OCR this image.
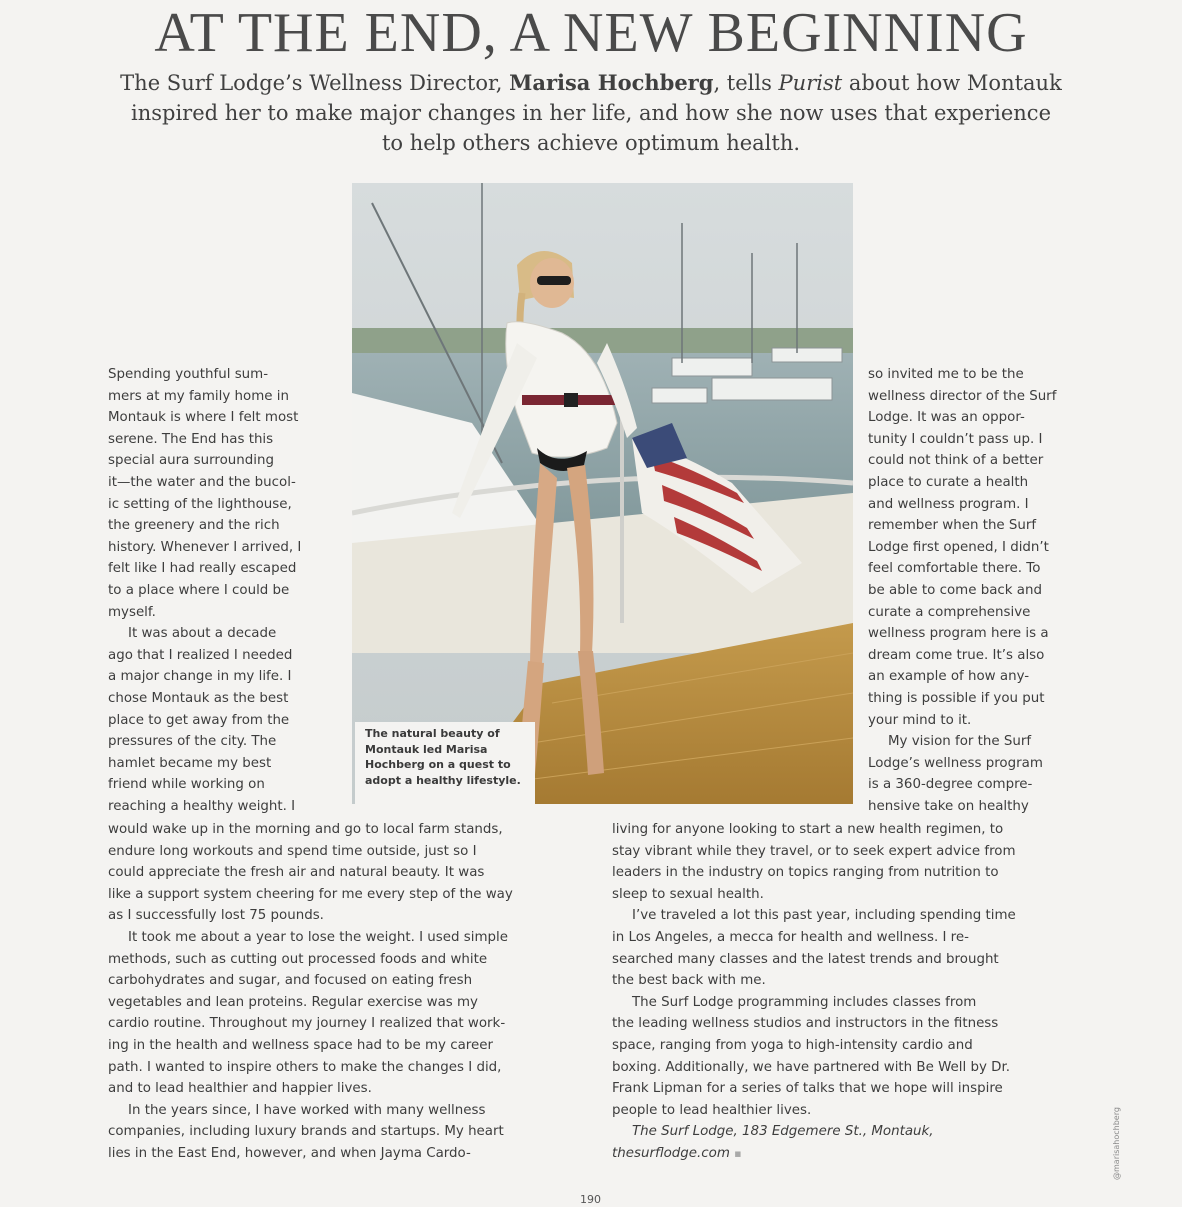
AT THE END, A NEW BEGINNING
The Surf Lodge’s Wellness Director, Marisa Hochberg, tells Purist about how Montauk inspired her to make major changes in her life, and how she now uses that experience to help others achieve optimum health.
The natural beauty of Montauk led Marisa Hochberg on a quest to adopt a healthy lifestyle.
Spending youthful sum-
mers at my family home in
Montauk is where I felt most
serene. The End has this
special aura surrounding
it—the water and the bucol-
ic setting of the lighthouse,
the greenery and the rich
history. Whenever I arrived, I
felt like I had really escaped
to a place where I could be
myself.
It was about a decade
ago that I realized I needed
a major change in my life. I
chose Montauk as the best
place to get away from the
pressures of the city. The
hamlet became my best
friend while working on
reaching a healthy weight. I
would wake up in the morning and go to local farm stands,
endure long workouts and spend time outside, just so I
could appreciate the fresh air and natural beauty. It was
like a support system cheering for me every step of the way
as I successfully lost 75 pounds.
It took me about a year to lose the weight. I used simple
methods, such as cutting out processed foods and white
carbohydrates and sugar, and focused on eating fresh
vegetables and lean proteins. Regular exercise was my
cardio routine. Throughout my journey I realized that work-
ing in the health and wellness space had to be my career
path. I wanted to inspire others to make the changes I did,
and to lead healthier and happier lives.
In the years since, I have worked with many wellness
companies, including luxury brands and startups. My heart
lies in the East End, however, and when Jayma Cardo-
so invited me to be the
wellness director of the Surf
Lodge. It was an oppor-
tunity I couldn’t pass up. I
could not think of a better
place to curate a health
and wellness program. I
remember when the Surf
Lodge first opened, I didn’t
feel comfortable there. To
be able to come back and
curate a comprehensive
wellness program here is a
dream come true. It’s also
an example of how any-
thing is possible if you put
your mind to it.
My vision for the Surf
Lodge’s wellness program
is a 360-degree compre-
hensive take on healthy
living for anyone looking to start a new health regimen, to
stay vibrant while they travel, or to seek expert advice from
leaders in the industry on topics ranging from nutrition to
sleep to sexual health.
I’ve traveled a lot this past year, including spending time
in Los Angeles, a mecca for health and wellness. I re-
searched many classes and the latest trends and brought
the best back with me.
The Surf Lodge programming includes classes from
the leading wellness studios and instructors in the fitness
space, ranging from yoga to high-intensity cardio and
boxing. Additionally, we have partnered with Be Well by Dr.
Frank Lipman for a series of talks that we hope will inspire
people to lead healthier lives.
The Surf Lodge, 183 Edgemere St., Montauk,
thesurflodge.com ▪	@marisahochberg
190
